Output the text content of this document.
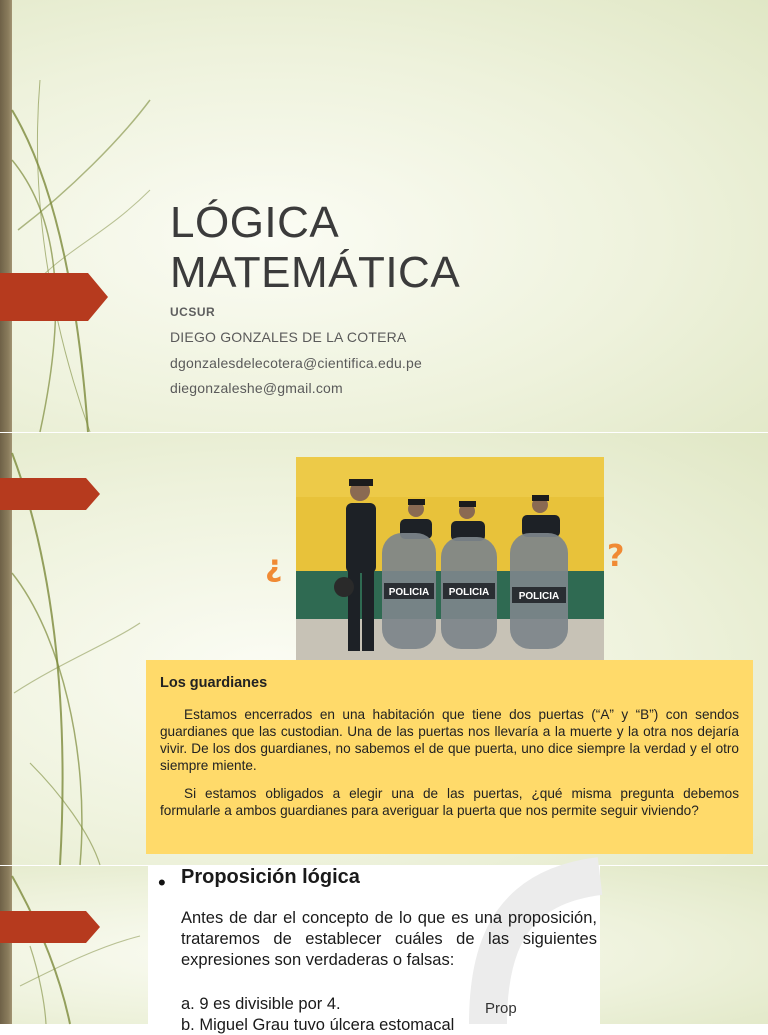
LÓGICA
MATEMÁTICA
UCSUR
DIEGO GONZALES DE LA COTERA
dgonzalesdelecotera@cientifica.edu.pe
diegonzaleshe@gmail.com
¿	?
POLICIA POLICIA	POLICIA
Los guardianes

Estamos encerrados en una habitación que tiene dos puertas (“A” y “B”) con sendos guardianes que las custodian. Una de las puertas nos llevaría a la muerte y la otra nos dejaría vivir. De los dos guardianes, no sabemos el de que puerta, uno dice siempre la verdad y el otro siempre miente.

Si estamos obligados a elegir una de las puertas, ¿qué misma pregunta debemos formularle a ambos guardianes para averiguar la puerta que nos permite seguir viviendo?

• Proposición lógica
Antes de dar el concepto de lo que es una proposición, trataremos de establecer cuáles de las siguientes expresiones son verdaderas o falsas:
a. 9 es divisible por 4.
b. Miguel Grau tuvo úlcera estomacal
Prop
